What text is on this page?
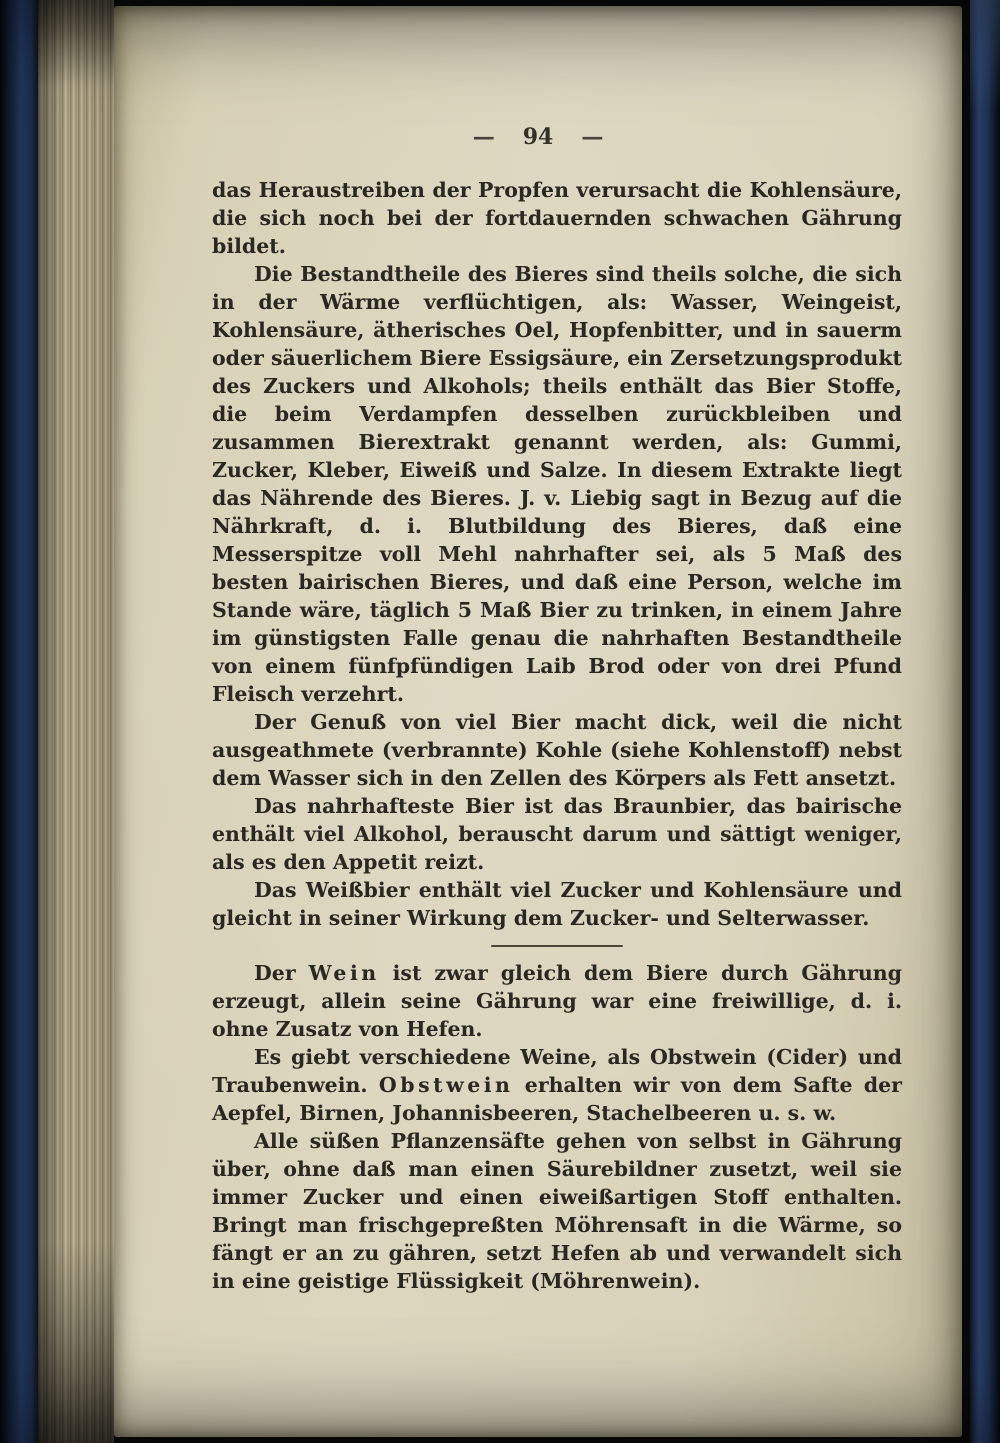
— 94 —

das Heraustreiben der Propfen verursacht die Kohlensäure, die sich noch bei der fortdauernden schwachen Gährung bildet.

Die Bestandtheile des Bieres sind theils solche, die sich in der Wärme verflüchtigen, als: Wasser, Weingeist, Kohlensäure, ätherisches Oel, Hopfenbitter, und in sauerm oder säuerlichem Biere Essigsäure, ein Zersetzungsprodukt des Zuckers und Alkohols; theils enthält das Bier Stoffe, die beim Verdampfen desselben zurückbleiben und zusammen Bierextrakt genannt werden, als: Gummi, Zucker, Kleber, Eiweiß und Salze. In diesem Extrakte liegt das Nährende des Bieres. J. v. Liebig sagt in Bezug auf die Nährkraft, d. i. Blutbildung des Bieres, daß eine Messerspitze voll Mehl nahrhafter sei, als 5 Maß des besten bairischen Bieres, und daß eine Person, welche im Stande wäre, täglich 5 Maß Bier zu trinken, in einem Jahre im günstigsten Falle genau die nahrhaften Bestandtheile von einem fünfpfündigen Laib Brod oder von drei Pfund Fleisch verzehrt.

Der Genuß von viel Bier macht dick, weil die nicht ausgeathmete (verbrannte) Kohle (siehe Kohlenstoff) nebst dem Wasser sich in den Zellen des Körpers als Fett ansetzt.

Das nahrhafteste Bier ist das Braunbier, das bairische enthält viel Alkohol, berauscht darum und sättigt weniger, als es den Appetit reizt.

Das Weißbier enthält viel Zucker und Kohlensäure und gleicht in seiner Wirkung dem Zucker- und Selterwasser.

Der Wein ist zwar gleich dem Biere durch Gährung erzeugt, allein seine Gährung war eine freiwillige, d. i. ohne Zusatz von Hefen.

Es giebt verschiedene Weine, als Obstwein (Cider) und Traubenwein. Obstwein erhalten wir von dem Safte der Aepfel, Birnen, Johannisbeeren, Stachelbeeren u. s. w.

Alle süßen Pflanzensäfte gehen von selbst in Gährung über, ohne daß man einen Säurebildner zusetzt, weil sie immer Zucker und einen eiweißartigen Stoff enthalten. Bringt man frischgepreßten Möhrensaft in die Wärme, so fängt er an zu gähren, setzt Hefen ab und verwandelt sich in eine geistige Flüssigkeit (Möhrenwein).
